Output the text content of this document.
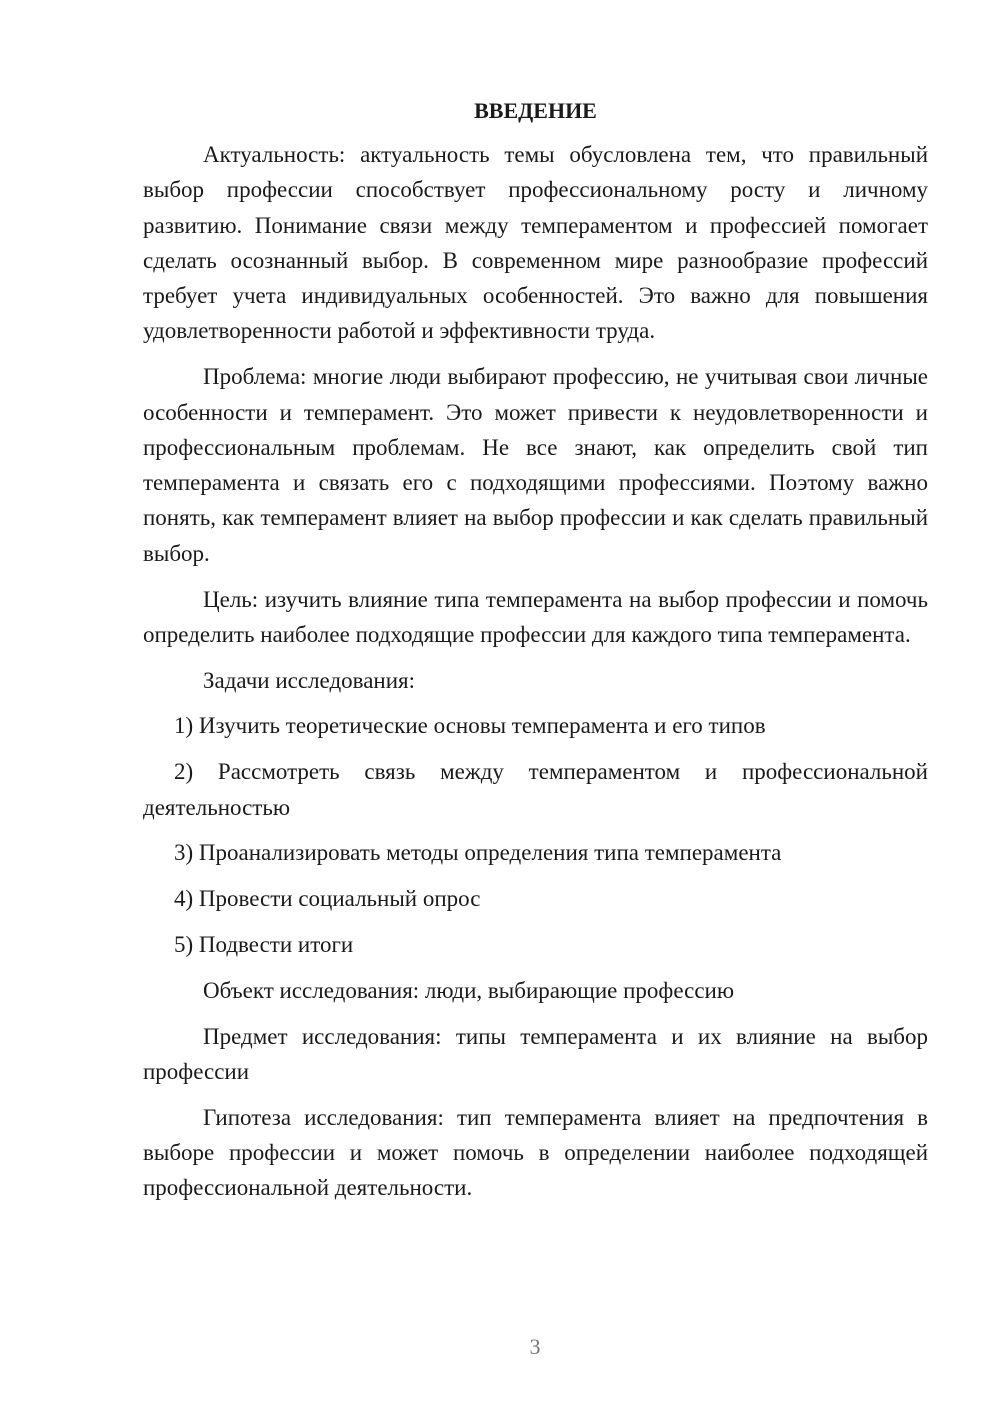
ВВЕДЕНИЕ

Актуальность: актуальность темы обусловлена тем, что правильный выбор профессии способствует профессиональному росту и личному развитию. Понимание связи между темпераментом и профессией помогает сделать осознанный выбор. В современном мире разнообразие профессий требует учета индивидуальных особенностей. Это важно для повышения удовлетворенности работой и эффективности труда.

Проблема: многие люди выбирают профессию, не учитывая свои личные особенности и темперамент. Это может привести к неудовлетворенности и профессиональным проблемам. Не все знают, как определить свой тип темперамента и связать его с подходящими профессиями. Поэтому важно понять, как темперамент влияет на выбор профессии и как сделать правильный выбор.

Цель: изучить влияние типа темперамента на выбор профессии и помочь определить наиболее подходящие профессии для каждого типа темперамента.

Задачи исследования:

1) Изучить теоретические основы темперамента и его типов

2) Рассмотреть связь между темпераментом и профессиональной деятельностью

3) Проанализировать методы определения типа темперамента

4) Провести социальный опрос

5) Подвести итоги

Объект исследования: люди, выбирающие профессию

Предмет исследования: типы темперамента и их влияние на выбор профессии

Гипотеза исследования: тип темперамента влияет на предпочтения в выборе профессии и может помочь в определении наиболее подходящей профессиональной деятельности.

3
